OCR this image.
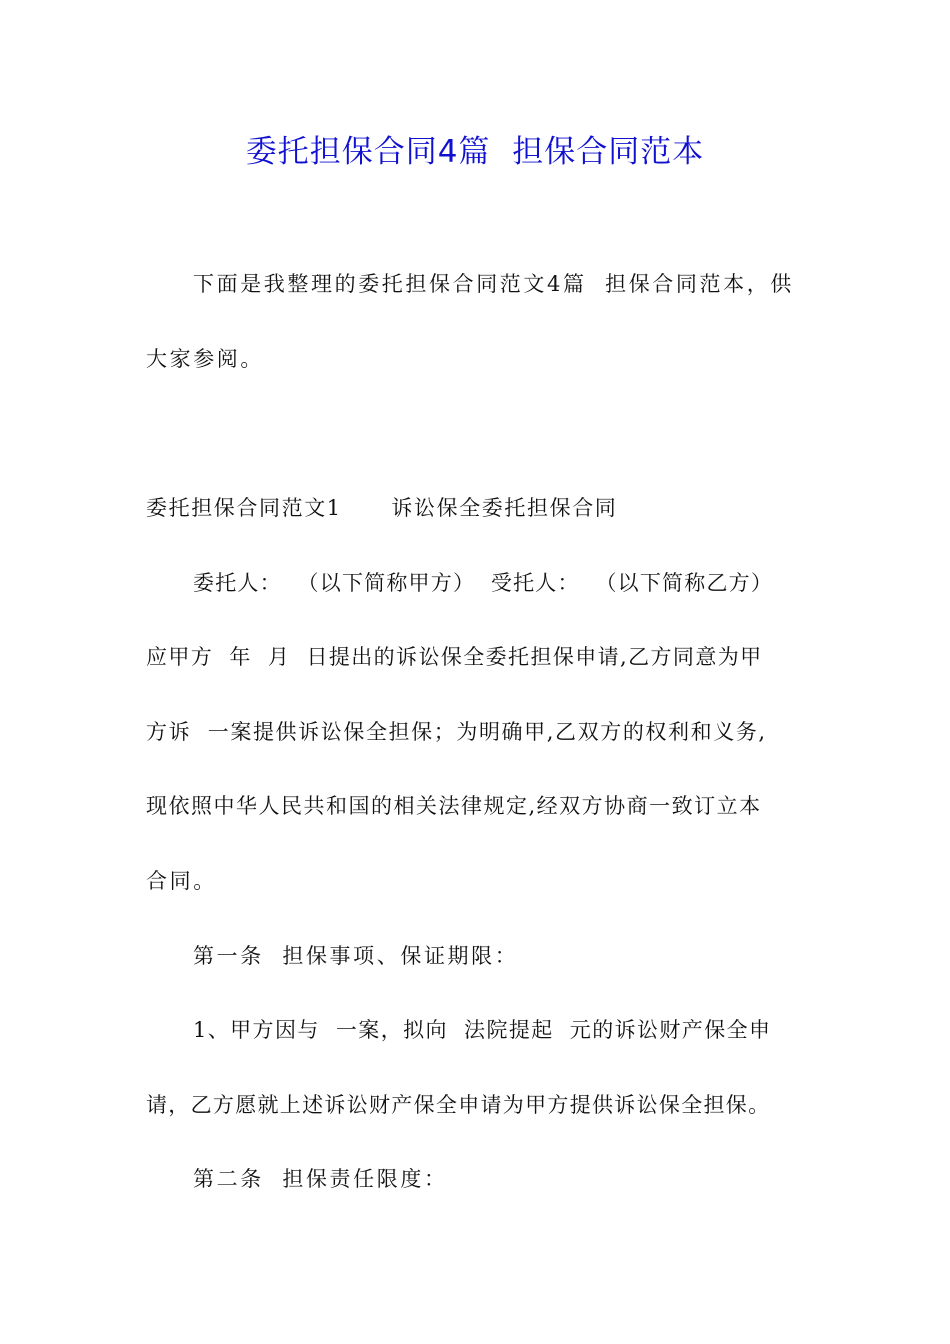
委托担保合同4篇  担保合同范本
下面是我整理的委托担保合同范文4篇  担保合同范本，供
大家参阅。
委托担保合同范文1      诉讼保全委托担保合同
委托人：  （以下简称甲方）  受托人：  （以下简称乙方）
应甲方  年  月  日提出的诉讼保全委托担保申请,乙方同意为甲
方诉  一案提供诉讼保全担保；为明确甲,乙双方的权利和义务,
现依照中华人民共和国的相关法律规定,经双方协商一致订立本
合同。
第一条  担保事项、保证期限：
1、甲方因与  一案，拟向  法院提起  元的诉讼财产保全申
请，乙方愿就上述诉讼财产保全申请为甲方提供诉讼保全担保。
第二条  担保责任限度：
